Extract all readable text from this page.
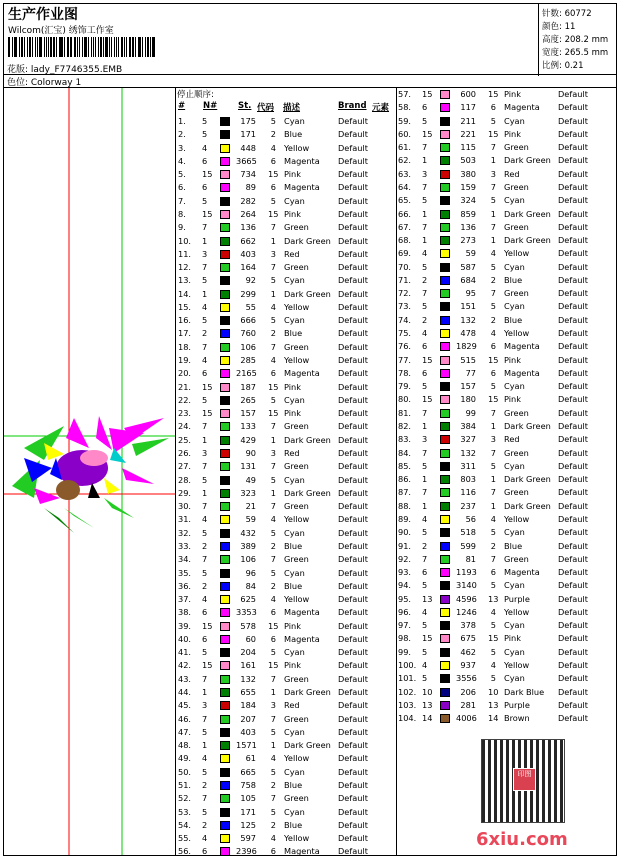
生产作业图
Wilcom(汇宝) 绣饰工作室
花版: lady_F7746355.EMB
色位: Colorway 1
针数: 60772
颜色: 11
高度: 208.2 mm
宽度: 265.5 mm
比例: 0.21
停止顺序:
# N# St. 代码 描述	Brand 元素
1. 5	175	5 Cyan	Default
2. 5	171	2 Blue	Default
3. 4	448	4 Yellow	Default
4. 6	3665	6 Magenta Default
5. 15	734 15 Pink	Default
6. 6	89	6 Magenta Default
7. 5	282	5 Cyan	Default
8. 15	264 15 Pink	Default
9. 7	136	7 Green	Default
10. 1	662	1 Dark Green Default
11. 3	403	3 Red	Default
12. 7	164	7 Green	Default
13. 5	92	5 Cyan	Default
14. 1	299	1 Dark Green Default
15. 4	55	4 Yellow	Default
16. 5	666	5 Cyan	Default
17. 2	760	2 Blue	Default
18. 7	106	7 Green	Default
19. 4	285	4 Yellow	Default
20. 6	2165	6 Magenta Default
21. 15	187 15 Pink	Default
22. 5	265	5 Cyan	Default
23. 15	157 15 Pink	Default
24. 7	133	7 Green	Default
25. 1	429	1 Dark Green Default
26. 3	90	3 Red	Default
27. 7	131	7 Green	Default
28. 5	49	5 Cyan	Default
29. 1	323	1 Dark Green Default
30. 7	21	7 Green	Default
31. 4	59	4 Yellow	Default
32. 5	432	5 Cyan	Default
33. 2	389	2 Blue	Default
34. 7	106	7 Green	Default
35. 5	96	5 Cyan	Default
36. 2	84	2 Blue	Default
37. 4	625	4 Yellow	Default
38. 6	3353	6 Magenta Default
39. 15	578 15 Pink	Default
40. 6	60	6 Magenta Default
41. 5	204	5 Cyan	Default
42. 15	161 15 Pink	Default
43. 7	132	7 Green	Default
44. 1	655	1 Dark Green Default
45. 3	184	3 Red	Default
46. 7	207	7 Green	Default
47. 5	403	5 Cyan	Default
48. 1	1571	1 Dark Green Default
49. 4	61	4 Yellow	Default
50. 5	665	5 Cyan	Default
51. 2	758	2 Blue	Default
52. 7	105	7 Green	Default
53. 5	171	5 Cyan	Default
54. 2	125	2 Blue	Default
55. 4	597	4 Yellow	Default
56. 6	2396	6 Magenta Default
57. 15	600 15 Pink	Default
58. 6	117	6 Magenta Default
59. 5	211	5 Cyan	Default
60. 15	221 15 Pink	Default
61. 7	115	7 Green	Default
62. 1	503	1 Dark Green Default
63. 3	380	3 Red	Default
64. 7	159	7 Green	Default
65. 5	324	5 Cyan	Default
66. 1	859	1 Dark Green Default
67. 7	136	7 Green	Default
68. 1	273	1 Dark Green Default
69. 4	59	4 Yellow	Default
70. 5	587	5 Cyan	Default
71. 2	684	2 Blue	Default
72. 7	95	7 Green	Default
73. 5	151	5 Cyan	Default
74. 2	132	2 Blue	Default
75. 4	478	4 Yellow	Default
76. 6	1829	6 Magenta Default
77. 15	515 15 Pink	Default
78. 6	77	6 Magenta Default
79. 5	157	5 Cyan	Default
80. 15	180 15 Pink	Default
81. 7	99	7 Green	Default
82. 1	384	1 Dark Green Default
83. 3	327	3 Red	Default
84. 7	132	7 Green	Default
85. 5	311	5 Cyan	Default
86. 1	803	1 Dark Green Default
87. 7	116	7 Green	Default
88. 1	237	1 Dark Green Default
89. 4	56	4 Yellow	Default
90. 5	518	5 Cyan	Default
91. 2	599	2 Blue	Default
92. 7	81	7 Green	Default
93. 6	1193	6 Magenta Default
94. 5	3140	5 Cyan	Default
95. 13	4596 13 Purple	Default
96. 4	1246	4 Yellow	Default
97. 5	378	5 Cyan	Default
98. 15	675 15 Pink	Default
99. 5	462	5 Cyan	Default
100. 4	937	4 Yellow	Default
101. 5	3556	5 Cyan	Default
102. 10	206 10 Dark Blue Default
103. 13	281 13 Purple	Default
104. 14	4006 14 Brown	Default
印图
6xiu.com
